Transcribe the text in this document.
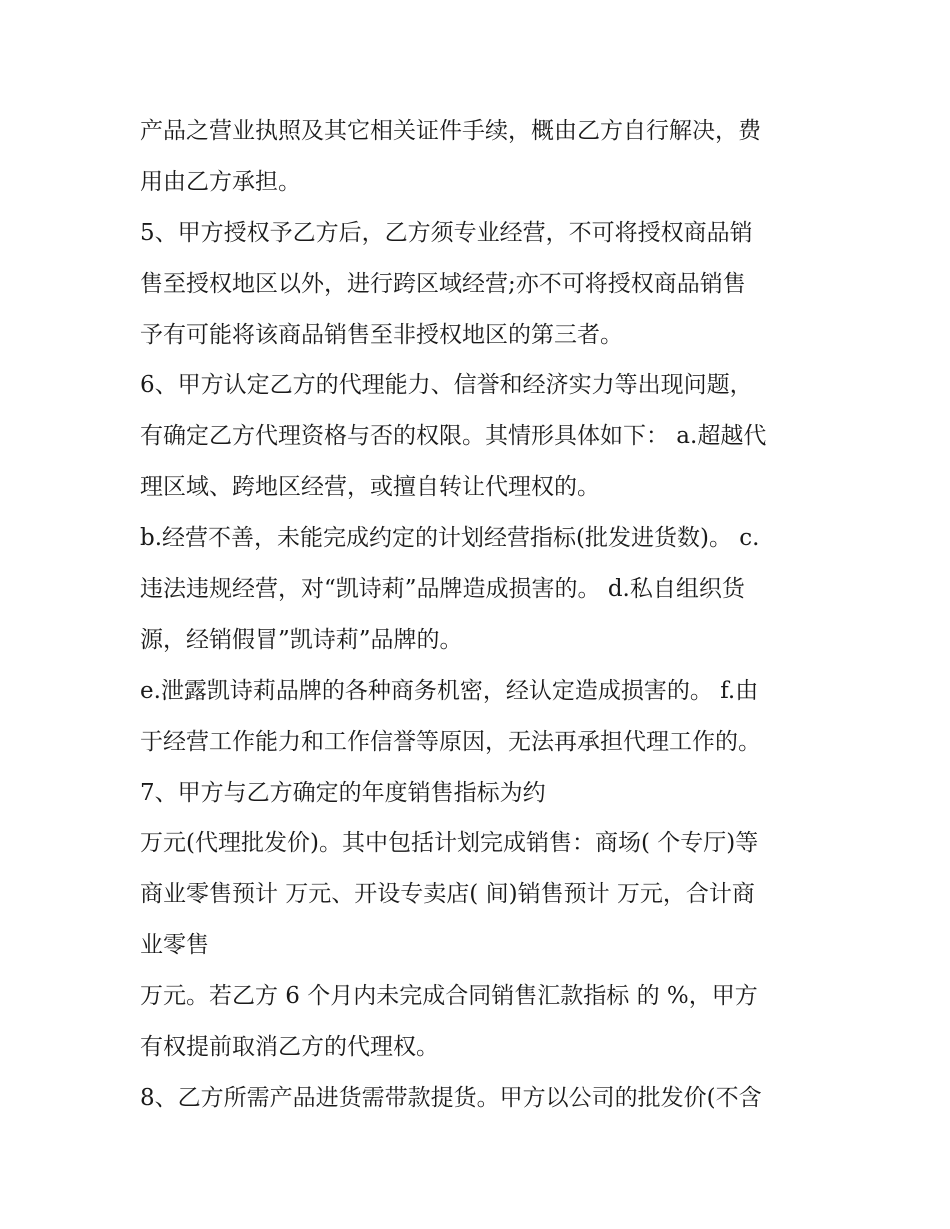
产品之营业执照及其它相关证件手续，概由乙方自行解决，费
用由乙方承担。
5、甲方授权予乙方后，乙方须专业经营，不可将授权商品销
售至授权地区以外，进行跨区域经营;亦不可将授权商品销售
予有可能将该商品销售至非授权地区的第三者。
6、甲方认定乙方的代理能力、信誉和经济实力等出现问题，
有确定乙方代理资格与否的权限。其情形具体如下： a.超越代
理区域、跨地区经营，或擅自转让代理权的。
b.经营不善，未能完成约定的计划经营指标(批发进货数)。 c.
违法违规经营，对“凯诗莉”品牌造成损害的。 d.私自组织货
源，经销假冒”凯诗莉”品牌的。
e.泄露凯诗莉品牌的各种商务机密，经认定造成损害的。 f.由
于经营工作能力和工作信誉等原因，无法再承担代理工作的。
7、甲方与乙方确定的年度销售指标为约
万元(代理批发价)。其中包括计划完成销售：商场( 个专厅)等
商业零售预计 万元、开设专卖店( 间)销售预计 万元，合计商
业零售
万元。若乙方 6 个月内未完成合同销售汇款指标 的 %，甲方
有权提前取消乙方的代理权。
8、乙方所需产品进货需带款提货。甲方以公司的批发价(不含
